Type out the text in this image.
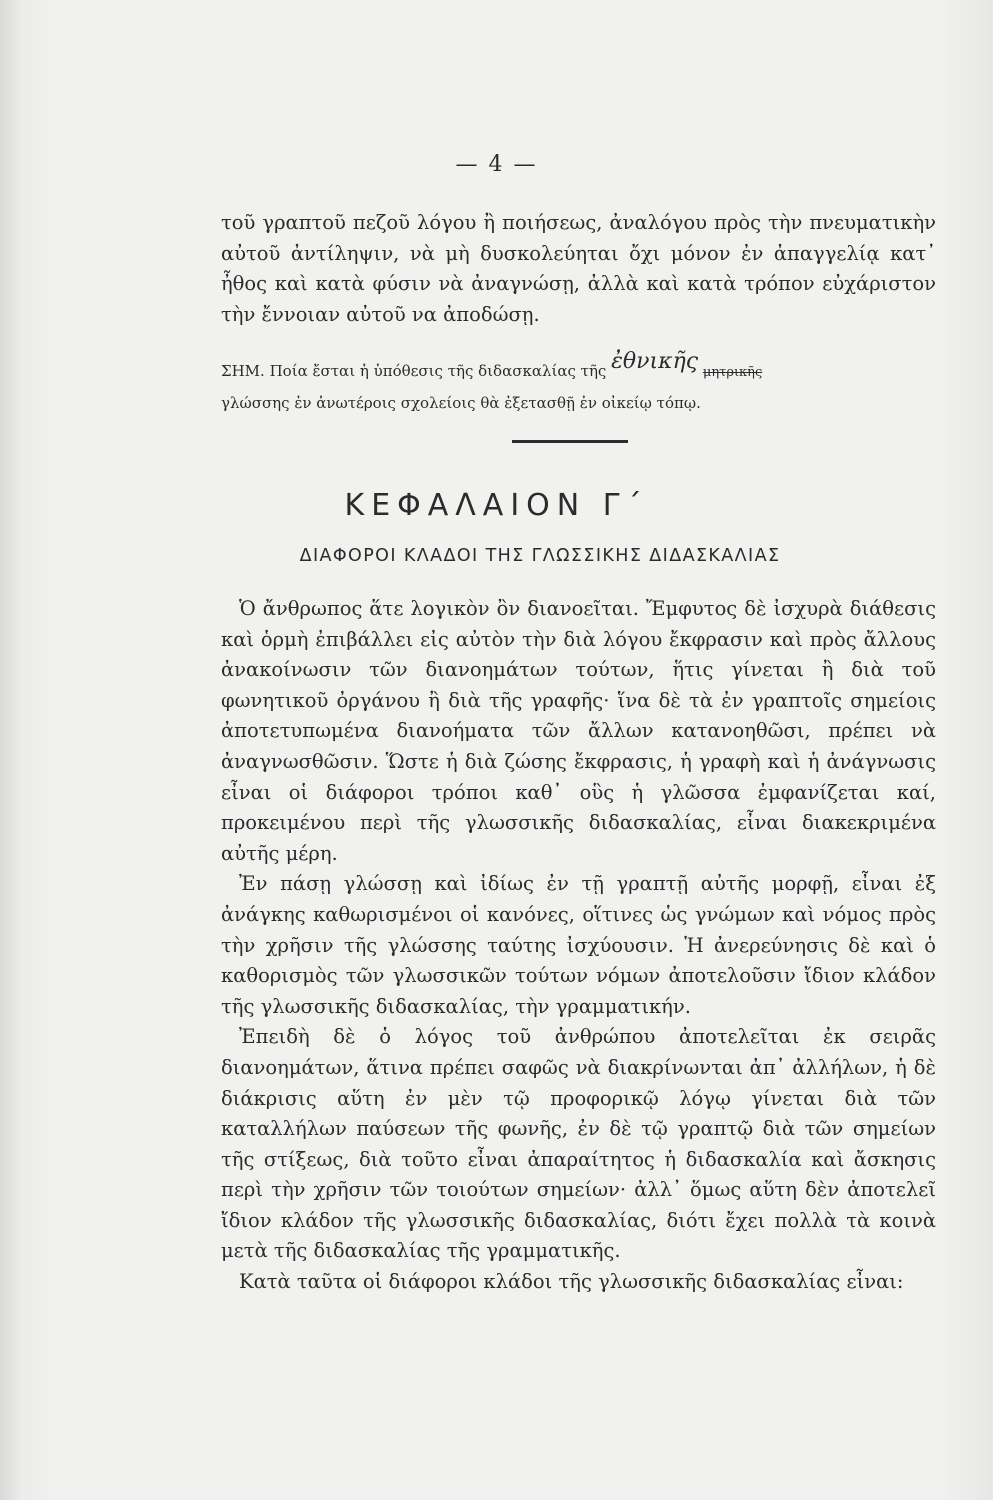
— 4 —

τοῦ γραπτοῦ πεζοῦ λόγου ἢ ποιήσεως, ἀναλόγου πρὸς τὴν πνευματικὴν αὐτοῦ ἀντίληψιν, νὰ μὴ δυσκολεύηται ὄχι μόνον ἐν ἀπαγγελίᾳ κατ᾽ ἦθος καὶ κατὰ φύσιν νὰ ἀναγνώσῃ, ἀλλὰ καὶ κατὰ τρόπον εὐχάριστον τὴν ἔννοιαν αὐτοῦ να ἀποδώσῃ.

ΣΗΜ. Ποία ἔσται ἡ ὑπόθεσις τῆς διδασκαλίας τῆς ἐθνικῆς μητρικῆς
γλώσσης ἐν ἀνωτέροις σχολείοις θὰ ἐξετασθῇ ἐν οἰκείῳ τόπῳ.
ΚΕΦΑΛΑΙΟΝ Γ΄
ΔΙΑΦΟΡΟΙ ΚΛΑΔΟΙ ΤΗΣ ΓΛΩΣΣΙΚΗΣ ΔΙΔΑΣΚΑΛΙΑΣ

Ὁ ἄνθρωπος ἅτε λογικὸν ὂν διανοεῖται. Ἔμφυτος δὲ ἰσχυρὰ διάθεσις καὶ ὁρμὴ ἐπιβάλλει εἰς αὐτὸν τὴν διὰ λόγου ἔκφρασιν καὶ πρὸς ἄλλους ἀνακοίνωσιν τῶν διανοημάτων τούτων, ἥτις γίνεται ἢ διὰ τοῦ φωνητικοῦ ὀργάνου ἢ διὰ τῆς γραφῆς· ἵνα δὲ τὰ ἐν γραπτοῖς σημείοις ἀποτετυπωμένα διανοήματα τῶν ἄλλων κατανοηθῶσι, πρέπει νὰ ἀναγνωσθῶσιν. Ὥστε ἡ διὰ ζώσης ἔκφρασις, ἡ γραφὴ καὶ ἡ ἀνάγνωσις εἶναι οἱ διάφοροι τρόποι καθ᾽ οὓς ἡ γλῶσσα ἐμφανίζεται καί, προκειμένου περὶ τῆς γλωσσικῆς διδασκαλίας, εἶναι διακεκριμένα αὐτῆς μέρη.

Ἐν πάσῃ γλώσσῃ καὶ ἰδίως ἐν τῇ γραπτῇ αὐτῆς μορφῇ, εἶναι ἐξ ἀνάγκης καθωρισμένοι οἱ κανόνες, οἵτινες ὡς γνώμων καὶ νόμος πρὸς τὴν χρῆσιν τῆς γλώσσης ταύτης ἰσχύουσιν. Ἡ ἀνερεύνησις δὲ καὶ ὁ καθορισμὸς τῶν γλωσσικῶν τούτων νόμων ἀποτελοῦσιν ἴδιον κλάδον τῆς γλωσσικῆς διδασκαλίας, τὴν γραμματικήν.

Ἐπειδὴ δὲ ὁ λόγος τοῦ ἀνθρώπου ἀποτελεῖται ἐκ σειρᾶς διανοημάτων, ἅτινα πρέπει σαφῶς νὰ διακρίνωνται ἀπ᾽ ἀλλήλων, ἡ δὲ διάκρισις αὕτη ἐν μὲν τῷ προφορικῷ λόγῳ γίνεται διὰ τῶν καταλλήλων παύσεων τῆς φωνῆς, ἐν δὲ τῷ γραπτῷ διὰ τῶν σημείων τῆς στίξεως, διὰ τοῦτο εἶναι ἀπαραίτητος ἡ διδασκαλία καὶ ἄσκησις περὶ τὴν χρῆσιν τῶν τοιούτων σημείων· ἀλλ᾽ ὅμως αὕτη δὲν ἀποτελεῖ ἴδιον κλάδον τῆς γλωσσικῆς διδασκαλίας, διότι ἔχει πολλὰ τὰ κοινὰ μετὰ τῆς διδασκαλίας τῆς γραμματικῆς.

Κατὰ ταῦτα οἱ διάφοροι κλάδοι τῆς γλωσσικῆς διδασκαλίας εἶναι:
